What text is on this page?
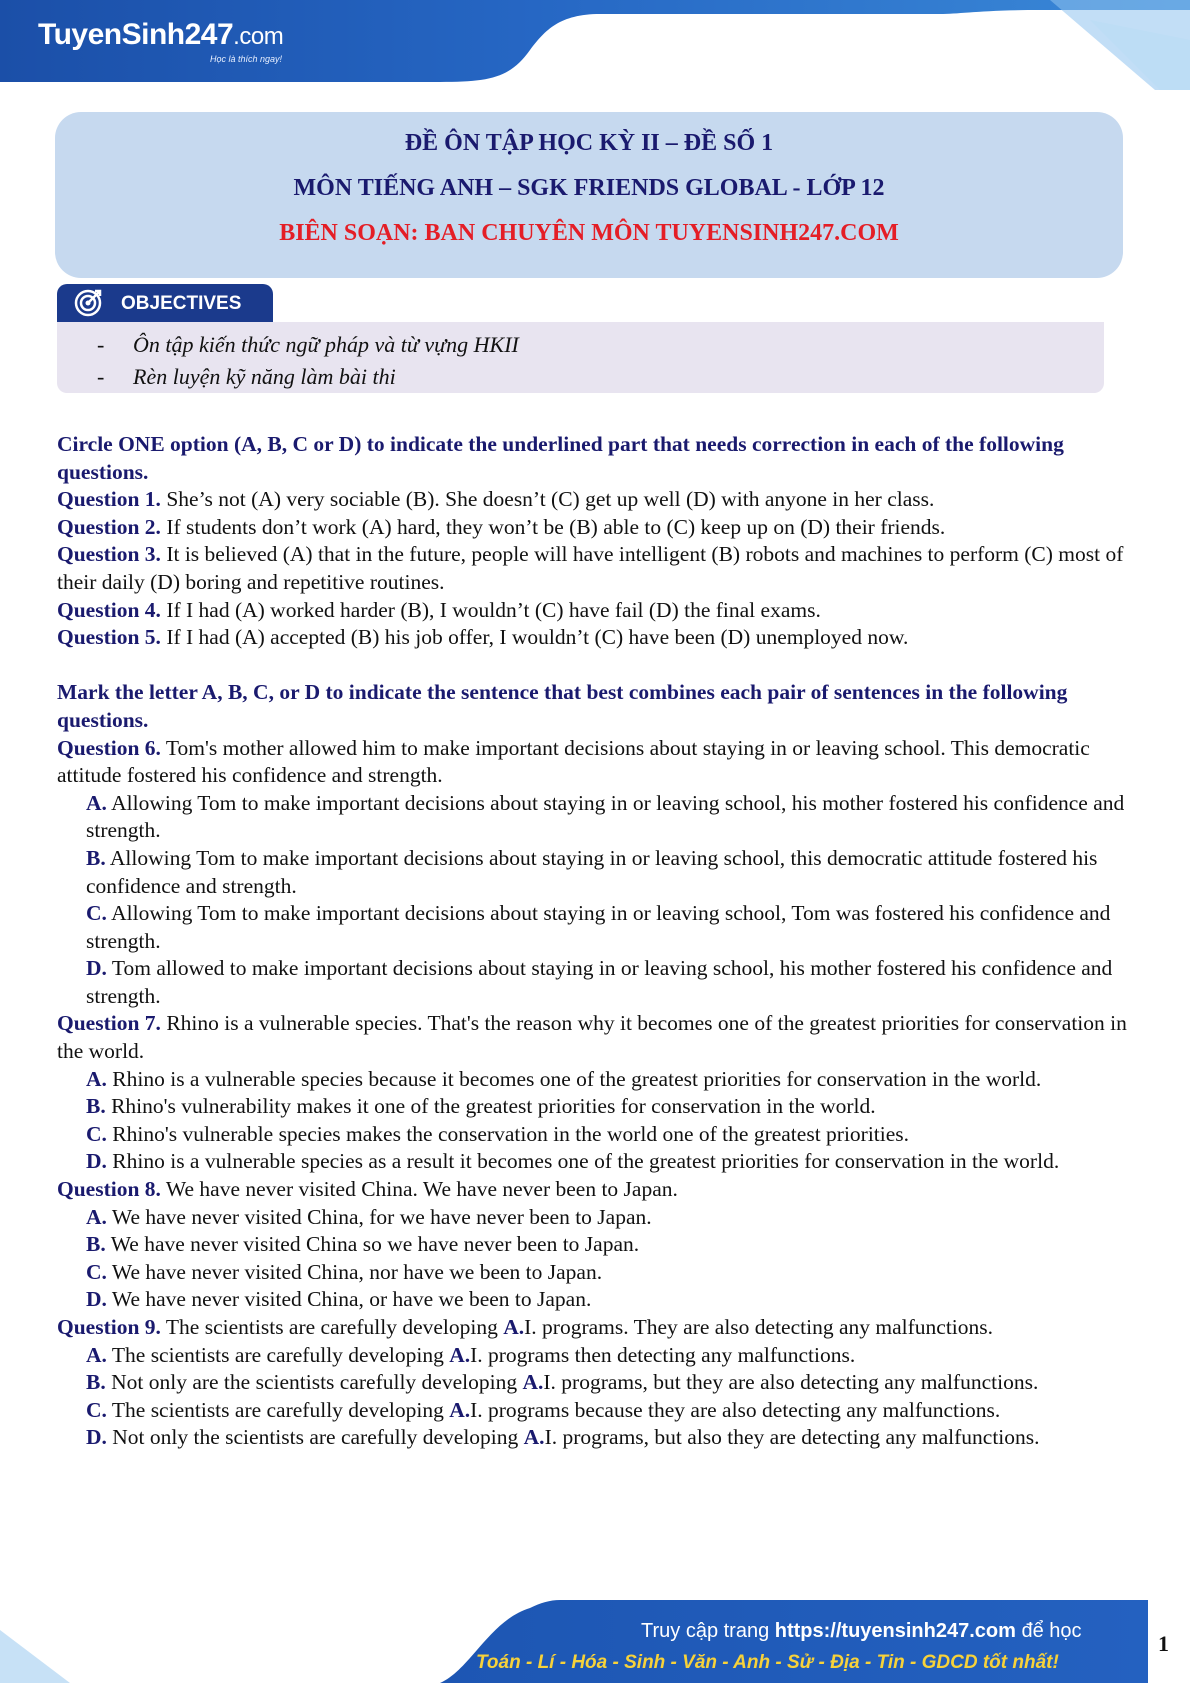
TuyenSinh247.com
Học là thích ngay!
ĐỀ ÔN TẬP HỌC KỲ II – ĐỀ SỐ 1
MÔN TIẾNG ANH – SGK FRIENDS GLOBAL - LỚP 12
BIÊN SOẠN: BAN CHUYÊN MÔN TUYENSINH247.COM
OBJECTIVES
- Ôn tập kiến thức ngữ pháp và từ vựng HKII
- Rèn luyện kỹ năng làm bài thi

Circle ONE option (A, B, C or D) to indicate the underlined part that needs correction in each of the following questions.

Question 1. She’s not (A) very sociable (B). She doesn’t (C) get up well (D) with anyone in her class.

Question 2. If students don’t work (A) hard, they won’t be (B) able to (C) keep up on (D) their friends.

Question 3. It is believed (A) that in the future, people will have intelligent (B) robots and machines to perform (C) most of their daily (D) boring and repetitive routines.

Question 4. If I had (A) worked harder (B), I wouldn’t (C) have fail (D) the final exams.

Question 5. If I had (A) accepted (B) his job offer, I wouldn’t (C) have been (D) unemployed now.

Mark the letter A, B, C, or D to indicate the sentence that best combines each pair of sentences in the following questions.

Question 6. Tom's mother allowed him to make important decisions about staying in or leaving school. This democratic attitude fostered his confidence and strength.

A. Allowing Tom to make important decisions about staying in or leaving school, his mother fostered his confidence and strength.

B. Allowing Tom to make important decisions about staying in or leaving school, this democratic attitude fostered his confidence and strength.

C. Allowing Tom to make important decisions about staying in or leaving school, Tom was fostered his confidence and strength.

D. Tom allowed to make important decisions about staying in or leaving school, his mother fostered his confidence and strength.

Question 7. Rhino is a vulnerable species. That's the reason why it becomes one of the greatest priorities for conservation in the world.

A. Rhino is a vulnerable species because it becomes one of the greatest priorities for conservation in the world.

B. Rhino's vulnerability makes it one of the greatest priorities for conservation in the world.

C. Rhino's vulnerable species makes the conservation in the world one of the greatest priorities.

D. Rhino is a vulnerable species as a result it becomes one of the greatest priorities for conservation in the world.

Question 8. We have never visited China. We have never been to Japan.

A. We have never visited China, for we have never been to Japan.

B. We have never visited China so we have never been to Japan.

C. We have never visited China, nor have we been to Japan.

D. We have never visited China, or have we been to Japan.

Question 9. The scientists are carefully developing A.I. programs. They are also detecting any malfunctions.

A. The scientists are carefully developing A.I. programs then detecting any malfunctions.

B. Not only are the scientists carefully developing A.I. programs, but they are also detecting any malfunctions.

C. The scientists are carefully developing A.I. programs because they are also detecting any malfunctions.

D. Not only the scientists are carefully developing A.I. programs, but also they are detecting any malfunctions.

Truy cập trang https://tuyensinh247.com để học
Toán - Lí - Hóa - Sinh - Văn - Anh - Sử - Địa - Tin - GDCD tốt nhất!
1
